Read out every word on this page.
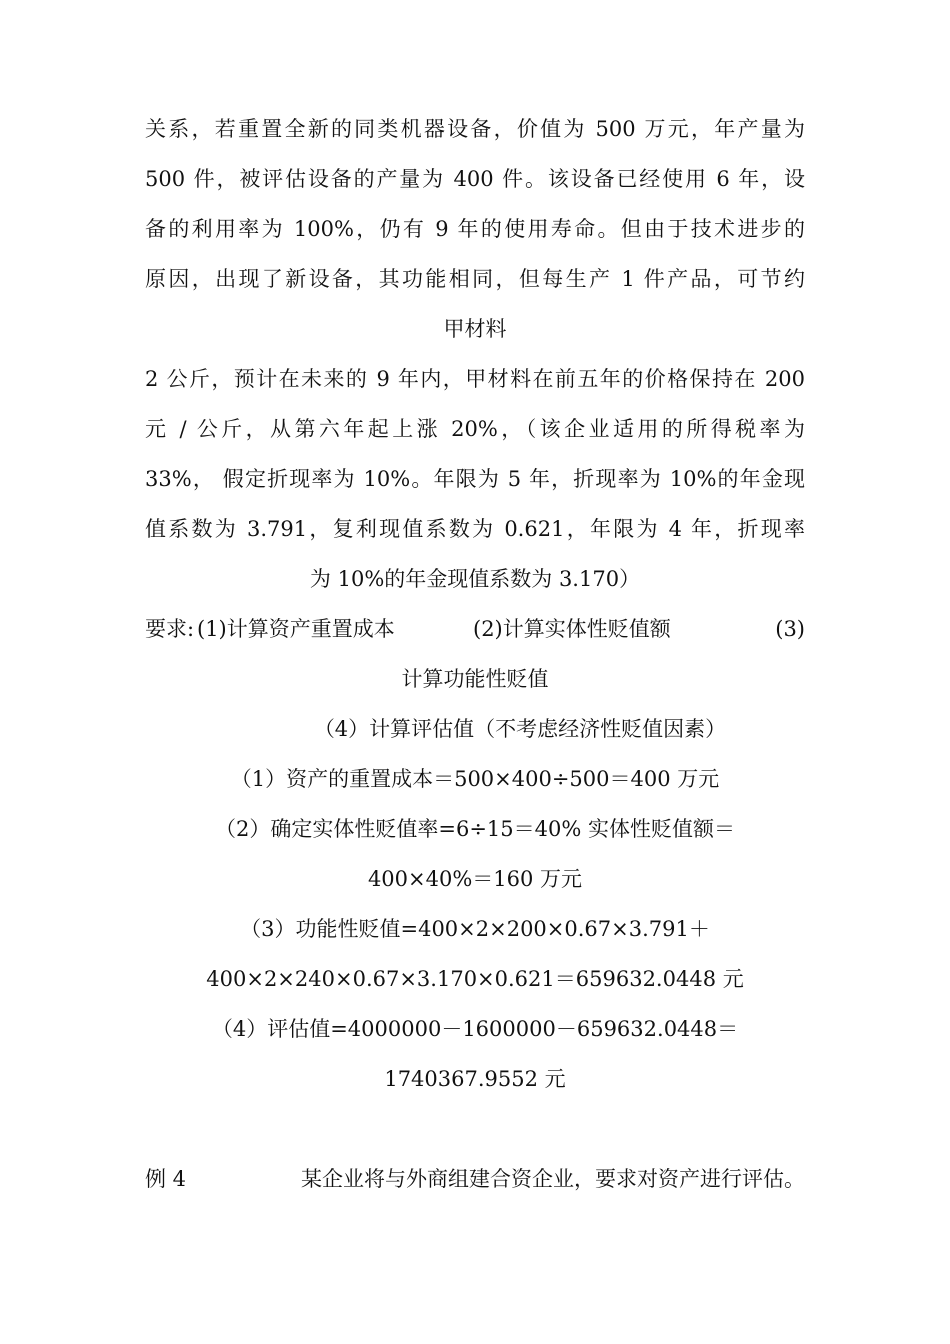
关系，若重置全新的同类机器设备，价值为 500 万元，年产量为
500 件，被评估设备的产量为 400 件。该设备已经使用 6 年，设
备的利用率为 100%，仍有 9 年的使用寿命。但由于技术进步的
原因，出现了新设备，其功能相同，但每生产 1 件产品，可节约
甲材料
2 公斤，预计在未来的 9 年内，甲材料在前五年的价格保持在 200
元 / 公斤，从第六年起上涨 20%，（该企业适用的所得税率为
33%， 假定折现率为 10%。年限为 5 年，折现率为 10%的年金现
值系数为 3.791，复利现值系数为 0.621，年限为 4 年，折现率
为 10%的年金现值系数为 3.170）
要求: (1)计算资产重置成本	(2)计算实体性贬值额	(3)
计算功能性贬值
（4）计算评估值（不考虑经济性贬值因素）
（1）资产的重置成本＝500×400÷500＝400 万元
（2）确定实体性贬值率=6÷15＝40% 实体性贬值额＝
400×40%＝160 万元
（3）功能性贬值=400×2×200×0.67×3.791＋
400×2×240×0.67×3.170×0.621＝659632.0448 元
（4）评估值=4000000－1600000－659632.0448＝
1740367.9552 元
例 4	某企业将与外商组建合资企业，要求对资产进行评估。
